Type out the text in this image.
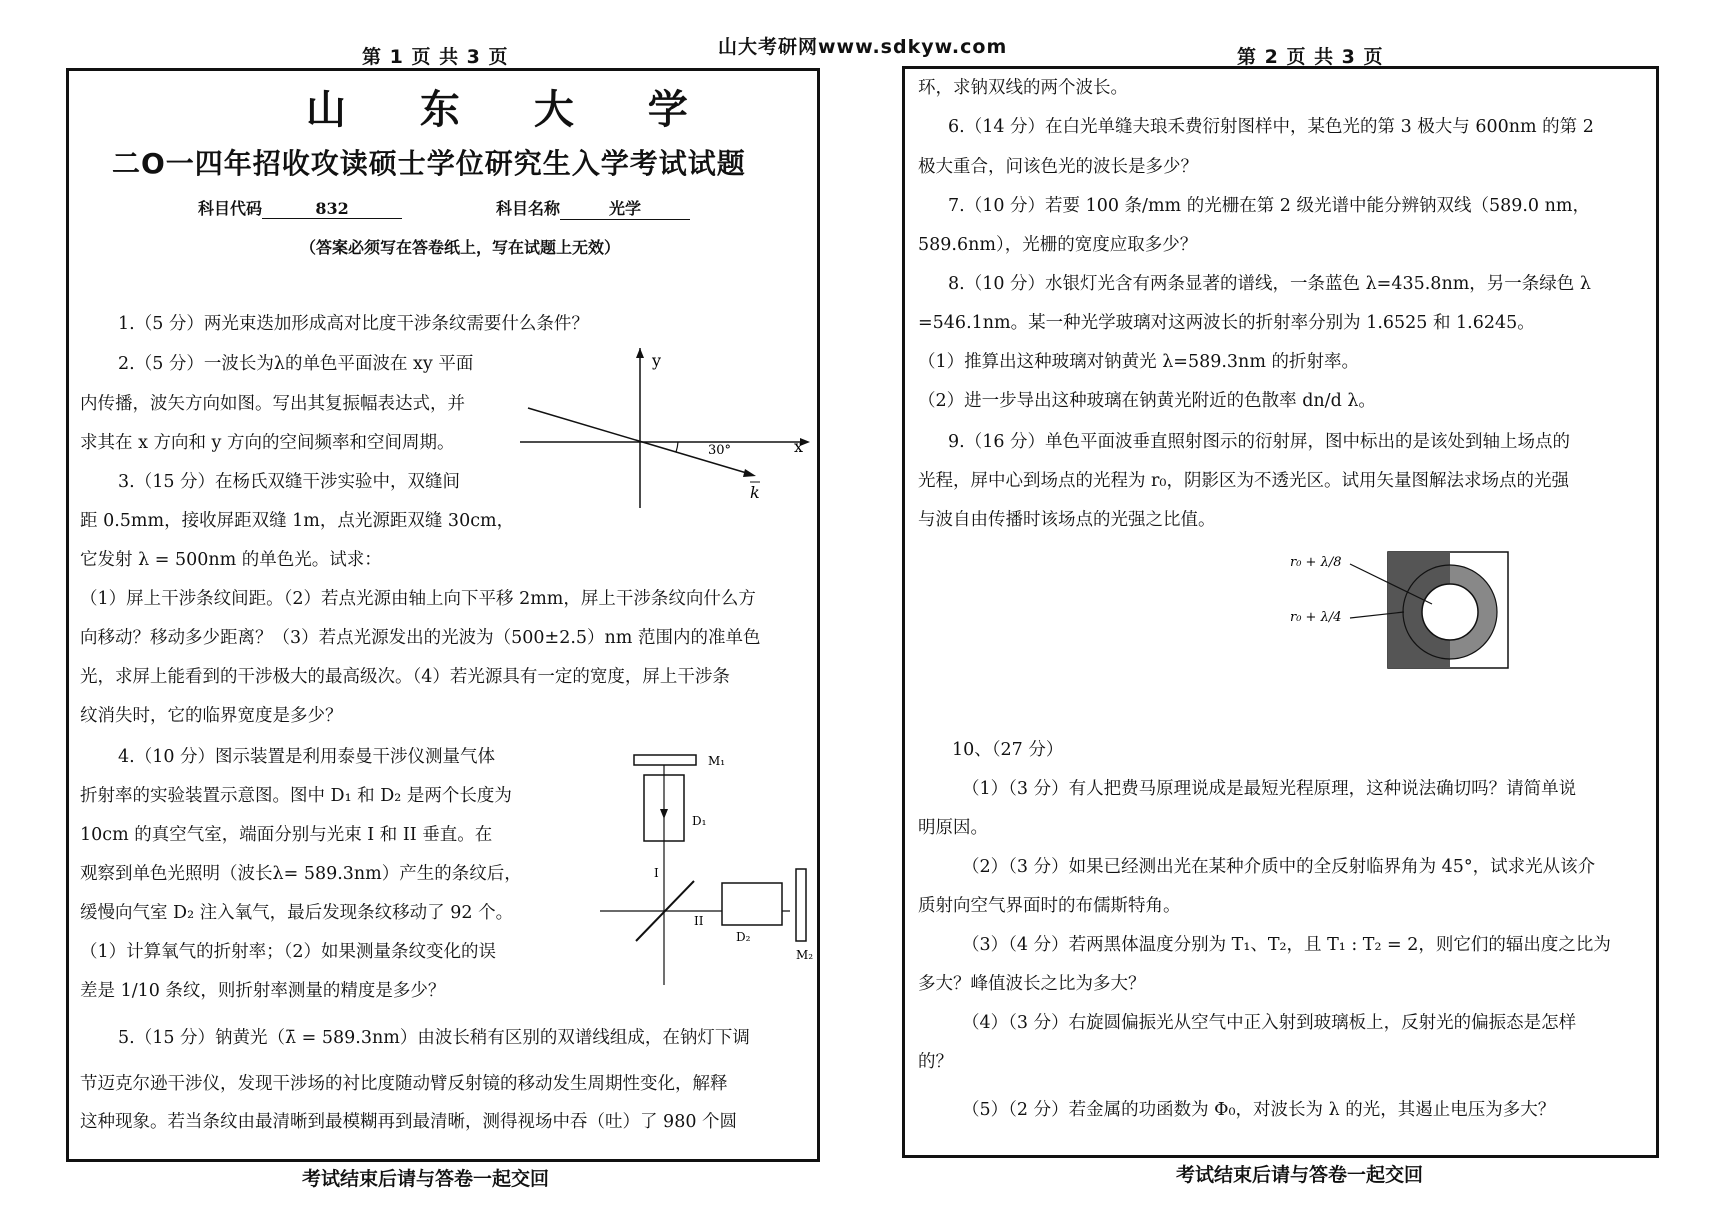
第 1 页 共 3 页	山大考研网www.sdkyw.com	第 2 页 共 3 页
山 东 大 学
二O一四年招收攻读硕士学位研究生入学考试试题
科目代码	832	科目名称	光学
（答案必须写在答卷纸上，写在试题上无效）
1.（5 分）两光束迭加形成高对比度干涉条纹需要什么条件？
2.（5 分）一波长为λ的单色平面波在 xy 平面
内传播，波矢方向如图。写出其复振幅表达式，并
求其在 x 方向和 y 方向的空间频率和空间周期。
3.（15 分）在杨氏双缝干涉实验中，双缝间
距 0.5mm，接收屏距双缝 1m，点光源距双缝 30cm，
它发射 λ = 500nm 的单色光。试求：
（1）屏上干涉条纹间距。（2）若点光源由轴上向下平移 2mm，屏上干涉条纹向什么方
向移动？移动多少距离？（3）若点光源发出的光波为（500±2.5）nm 范围内的准单色
光，求屏上能看到的干涉极大的最高级次。（4）若光源具有一定的宽度，屏上干涉条
纹消失时，它的临界宽度是多少？
4.（10 分）图示装置是利用泰曼干涉仪测量气体
折射率的实验装置示意图。图中 D₁ 和 D₂ 是两个长度为
10cm 的真空气室，端面分别与光束 I 和 II 垂直。在
观察到单色光照明（波长λ= 589.3nm）产生的条纹后，
缓慢向气室 D₂ 注入氧气，最后发现条纹移动了 92 个。
（1）计算氧气的折射率；（2）如果测量条纹变化的误
差是 1/10 条纹，则折射率测量的精度是多少？
5.（15 分）钠黄光（λ̄ = 589.3nm）由波长稍有区别的双谱线组成，在钠灯下调
节迈克尔逊干涉仪，发现干涉场的衬比度随动臂反射镜的移动发生周期性变化，解释
这种现象。若当条纹由最清晰到最模糊再到最清晰，测得视场中吞（吐）了 980 个圆
y
x
30°
k
M₁
D₁
I
II
D₂
M₂
环，求钠双线的两个波长。
6.（14 分）在白光单缝夫琅禾费衍射图样中，某色光的第 3 极大与 600nm 的第 2
极大重合，问该色光的波长是多少？
7.（10 分）若要 100 条/mm 的光栅在第 2 级光谱中能分辨钠双线（589.0 nm，
589.6nm），光栅的宽度应取多少？
8.（10 分）水银灯光含有两条显著的谱线，一条蓝色 λ=435.8nm，另一条绿色 λ
=546.1nm。某一种光学玻璃对这两波长的折射率分别为 1.6525 和 1.6245。
（1）推算出这种玻璃对钠黄光 λ=589.3nm 的折射率。
（2）进一步导出这种玻璃在钠黄光附近的色散率 dn/d λ。
9.（16 分）单色平面波垂直照射图示的衍射屏，图中标出的是该处到轴上场点的
光程，屏中心到场点的光程为 r₀，阴影区为不透光区。试用矢量图解法求场点的光强
与波自由传播时该场点的光强之比值。
10、（27 分）
（1）（3 分）有人把费马原理说成是最短光程原理，这种说法确切吗？请简单说
明原因。
（2）（3 分）如果已经测出光在某种介质中的全反射临界角为 45°，试求光从该介
质射向空气界面时的布儒斯特角。
（3）（4 分）若两黑体温度分别为 T₁、T₂，且 T₁ : T₂ = 2，则它们的辐出度之比为
多大？峰值波长之比为多大？
（4）（3 分）右旋圆偏振光从空气中正入射到玻璃板上，反射光的偏振态是怎样
的？
（5）（2 分）若金属的功函数为 Φ₀，对波长为 λ 的光，其遏止电压为多大？
r₀ + λ/8
r₀ + λ/4
考试结束后请与答卷一起交回	考试结束后请与答卷一起交回
